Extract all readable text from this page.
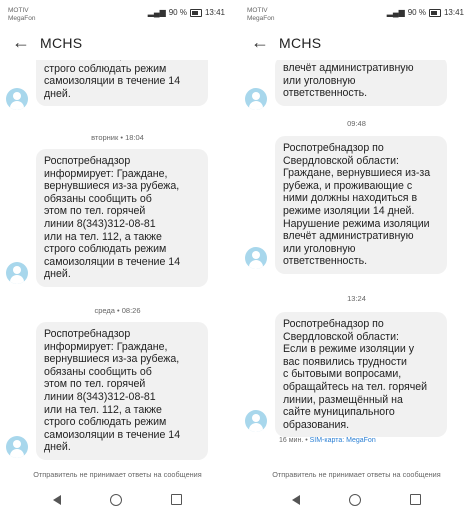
строго соблюдать режим
самоизоляции в течение 14
дней.
вторник • 18:04
Роспотребнадзор
информирует: Граждане,
вернувшиеся из-за рубежа,
обязаны сообщить об
этом по тел. горячей
линии 8(343)312-08-81
или на тел. 112, а также
строго соблюдать режим
самоизоляции в течение 14
дней.
среда • 08:26
Роспотребнадзор
информирует: Граждане,
вернувшиеся из-за рубежа,
обязаны сообщить об
этом по тел. горячей
линии 8(343)312-08-81
или на тел. 112, а также
строго соблюдать режим
самоизоляции в течение 14
дней.
MOTIV
MegaFon
▂▄▆ 90 % 13:41
← MCHS
Отправитель не принимает ответы на сообщения
влечёт административную
или уголовную
ответственность.
09:48
Роспотребнадзор по
Свердловской области:
Граждане, вернувшиеся из-за
рубежа, и проживающие с
ними должны находиться в
режиме изоляции 14 дней.
Нарушение режима изоляции
влечёт административную
или уголовную
ответственность.
13:24
Роспотребнадзор по
Свердловской области:
Если в режиме изоляции у
вас появились трудности
с бытовыми вопросами,
обращайтесь на тел. горячей
линии, размещённый на
сайте муниципального
образования.
16 мин. • SIM-карта: MegaFon
MOTIV
MegaFon
▂▄▆ 90 % 13:41
← MCHS
Отправитель не принимает ответы на сообщения
